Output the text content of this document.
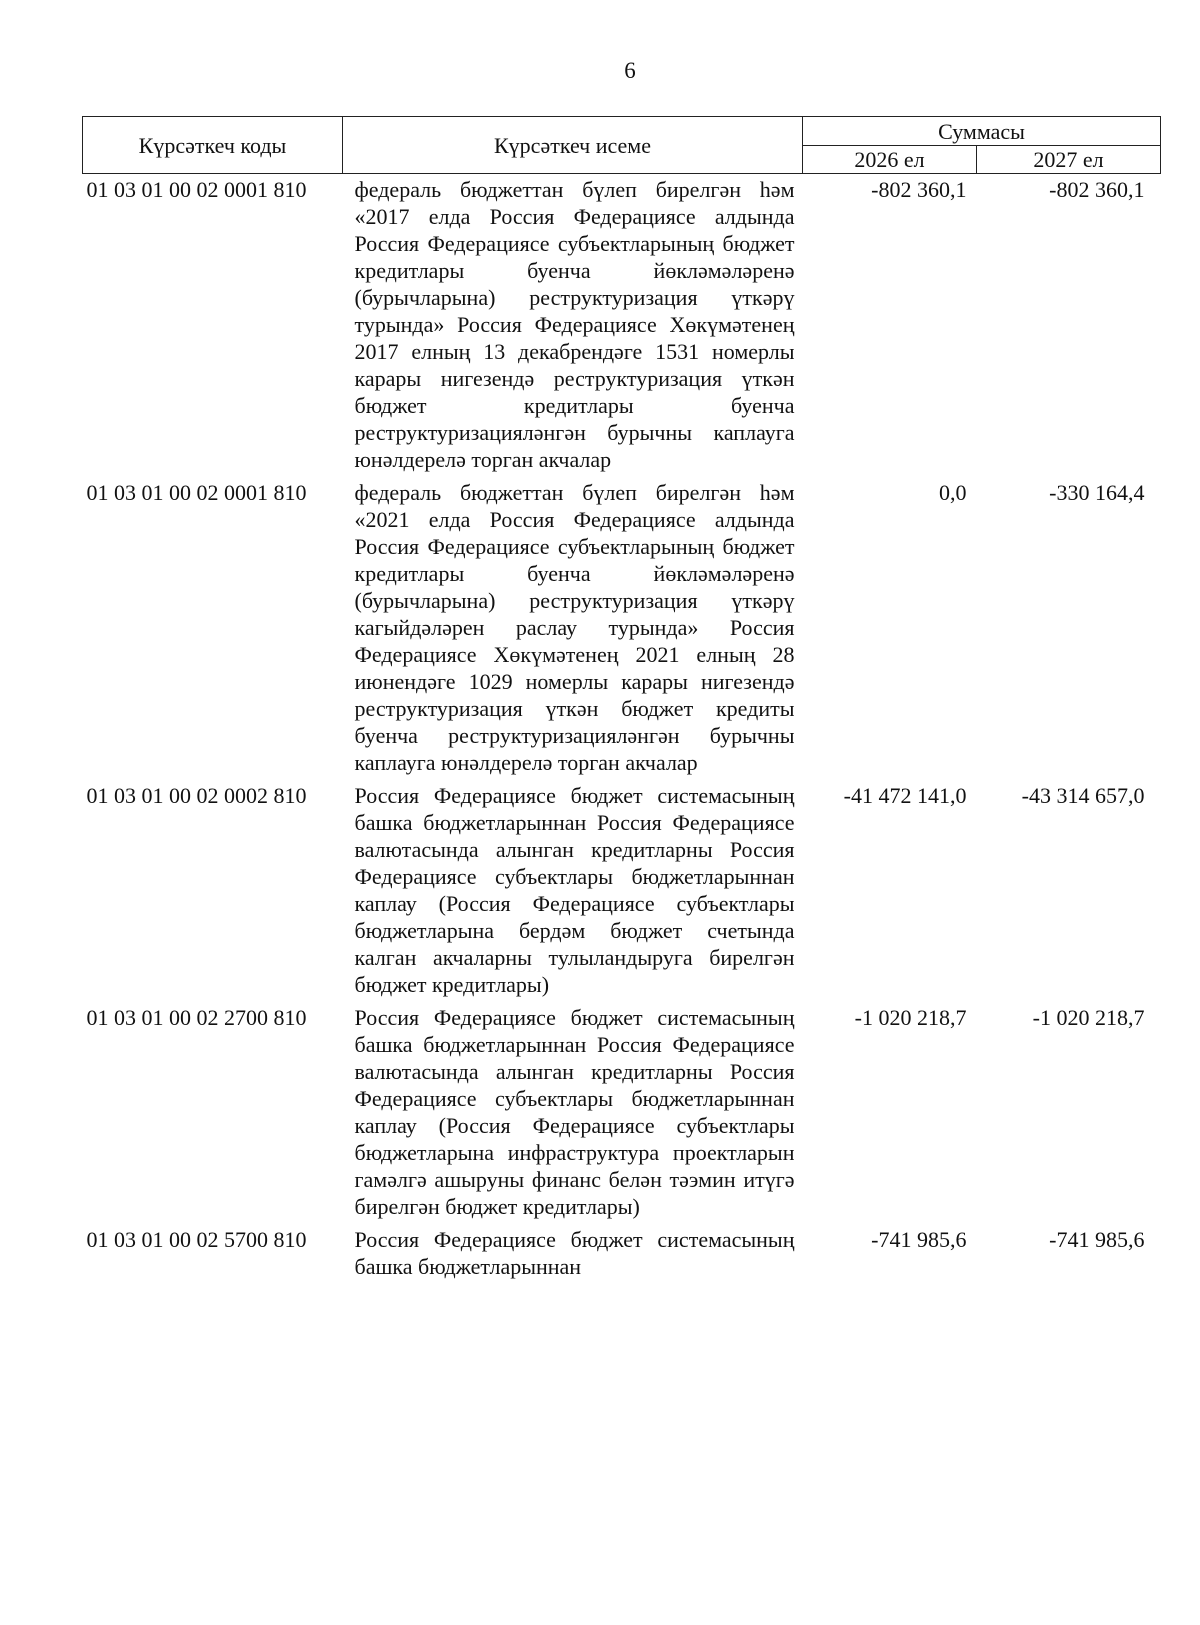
6
Күрсәткеч коды	Күрсәткеч исеме	Суммасы	
		2026 ел	2027 ел
01 03 01 00 02 0001 810	федераль бюджеттан бүлеп бирелгән һәм «2017 елда Россия Федерациясе алдында Россия Федерациясе субъектларының бюджет кредитлары буенча йөкләмәләренә (бурычларына) реструктуризация үткәрү турында» Россия Федерациясе Хөкүмәтенең 2017 елның 13 декабрендәге 1531 номерлы карары нигезендә реструктуризация үткән бюджет кредитлары буенча реструктуризацияләнгән бурычны каплауга юнәлдерелә торган акчалар	-802 360,1	-802 360,1
01 03 01 00 02 0001 810	федераль бюджеттан бүлеп бирелгән һәм «2021 елда Россия Федерациясе алдында Россия Федерациясе субъектларының бюджет кредитлары буенча йөкләмәләренә (бурычларына) реструктуризация үткәрү кагыйдәләрен раслау турында» Россия Федерациясе Хөкүмәтенең 2021 елның 28 июнендәге 1029 номерлы карары нигезендә реструктуризация үткән бюджет кредиты буенча реструктуризацияләнгән бурычны каплауга юнәлдерелә торган акчалар	0,0	-330 164,4
01 03 01 00 02 0002 810	Россия Федерациясе бюджет системасының башка бюджетларыннан Россия Федерациясе валютасында алынган кредитларны Россия Федерациясе субъектлары бюджетларыннан каплау (Россия Федерациясе субъектлары бюджетларына бердәм бюджет счетында калган акчаларны тулыландыруга бирелгән бюджет кредитлары)	-41 472 141,0	-43 314 657,0
01 03 01 00 02 2700 810	Россия Федерациясе бюджет системасының башка бюджетларыннан Россия Федерациясе валютасында алынган кредитларны Россия Федерациясе субъектлары бюджетларыннан каплау (Россия Федерациясе субъектлары бюджетларына инфраструктура проектларын гамәлгә ашыруны финанс белән тәэмин итүгә бирелгән бюджет кредитлары)	-1 020 218,7	-1 020 218,7
01 03 01 00 02 5700 810	Россия Федерациясе бюджет системасының башка бюджетларыннан	-741 985,6	-741 985,6
